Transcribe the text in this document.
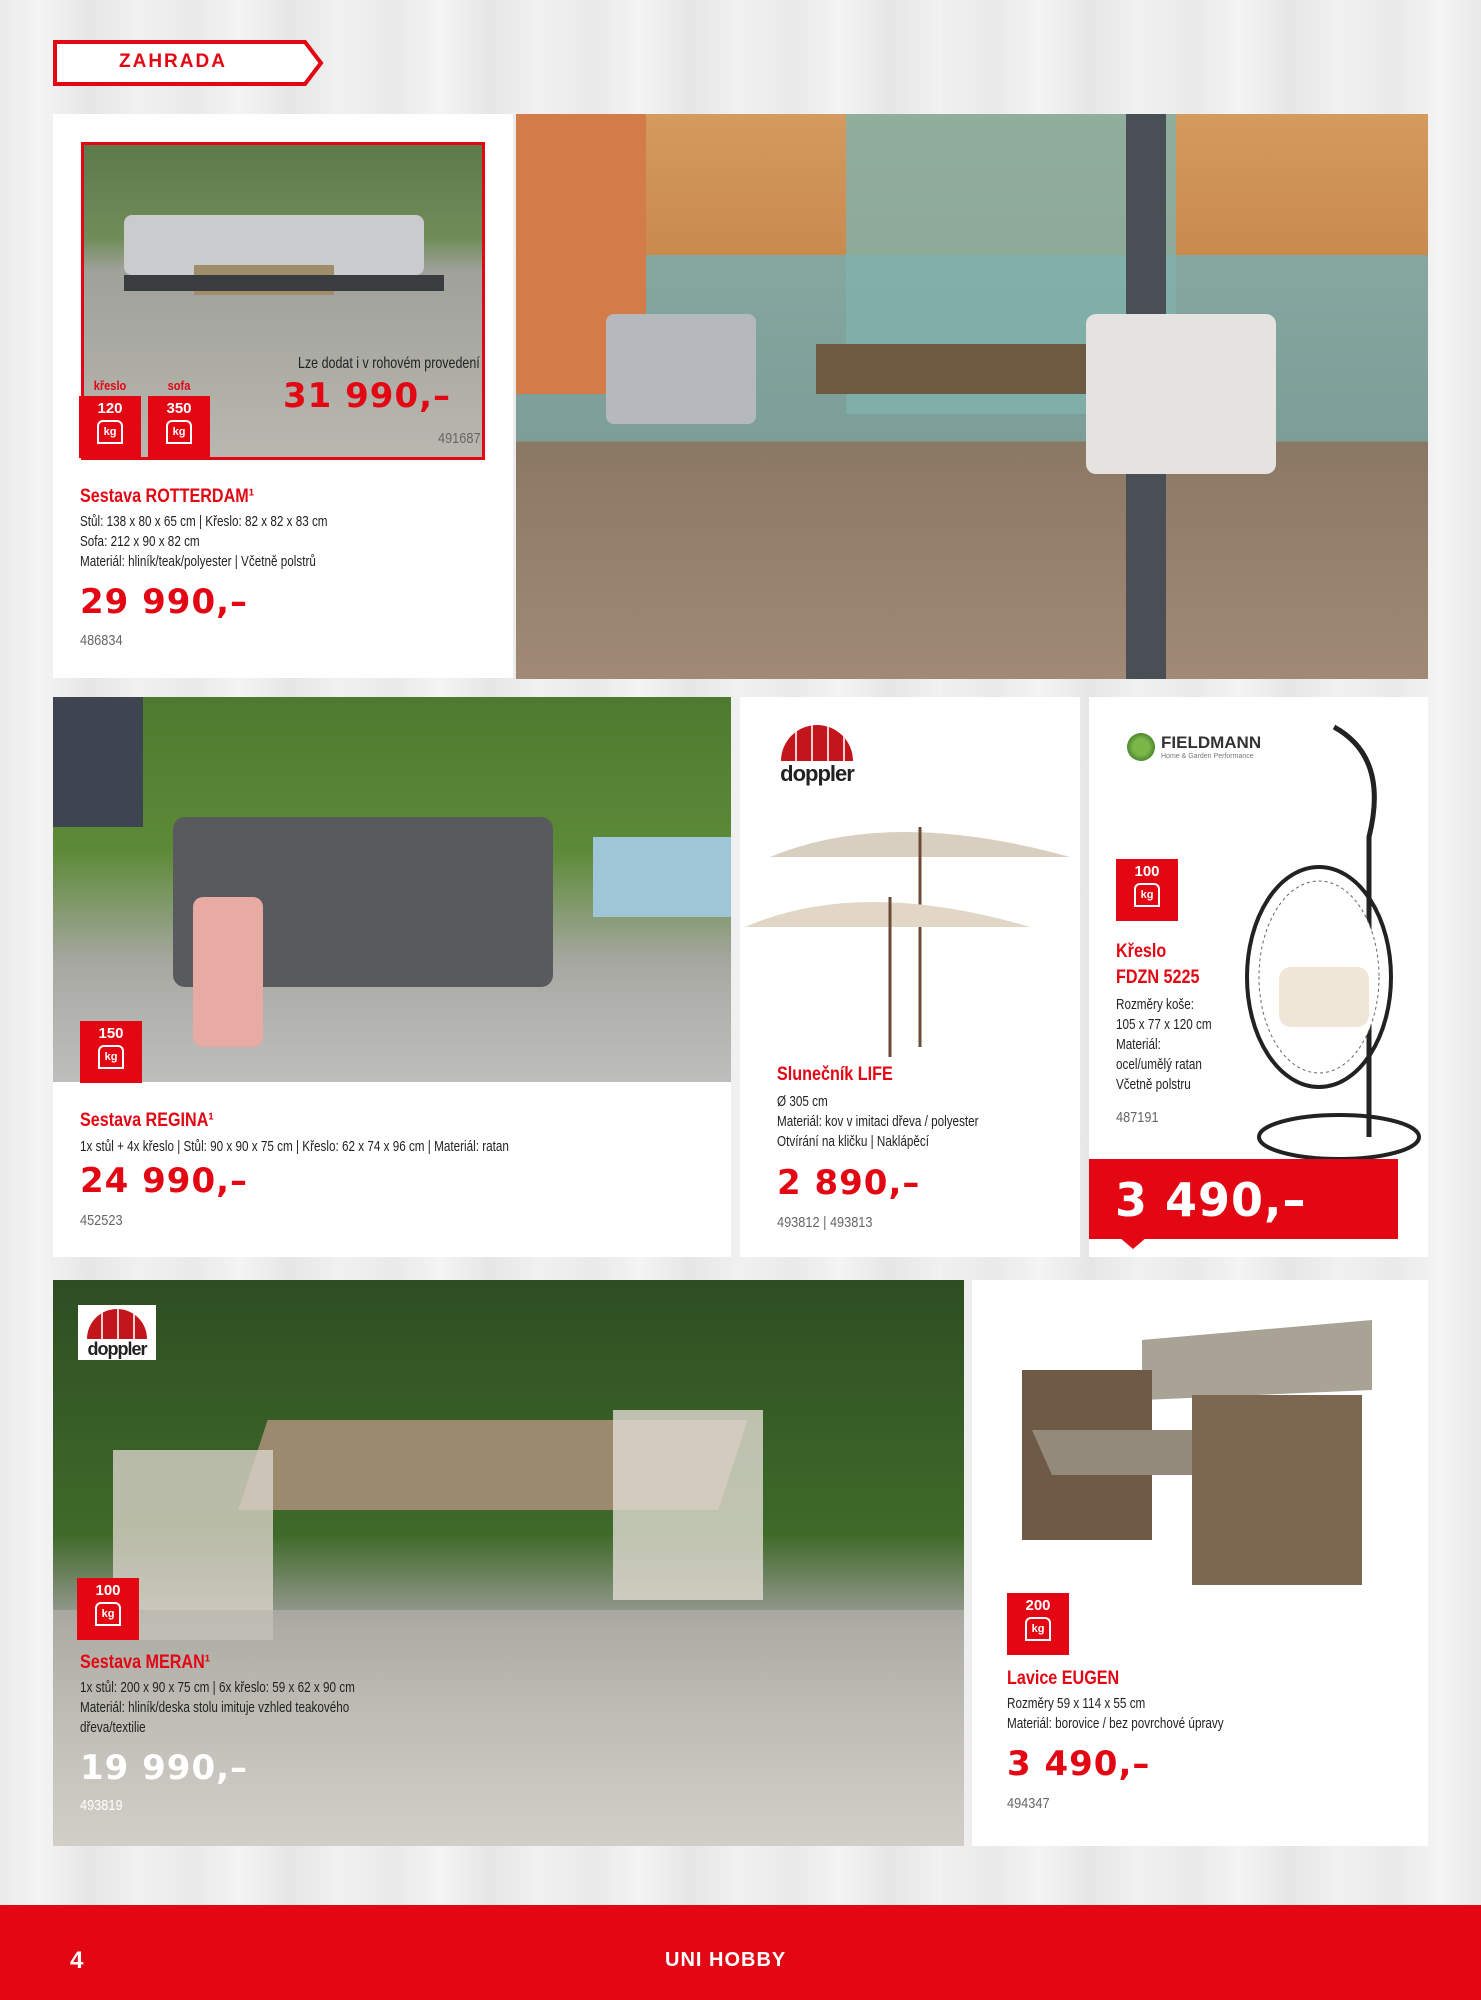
ZAHRADA
Lze dodat i v rohovém provedení
31 990,–
491687
křeslo	sofa
120
kg
350
kg
Sestava ROTTERDAM¹
Stůl: 138 x 80 x 65 cm | Křeslo: 82 x 82 x 83 cm
Sofa: 212 x 90 x 82 cm
Materiál: hliník/teak/polyester | Včetně polstrů
29 990,–
486834
150
kg
Sestava REGINA¹
1x stůl + 4x křeslo | Stůl: 90 x 90 x 75 cm | Křeslo: 62 x 74 x 96 cm | Materiál: ratan
24 990,–
452523
doppler
Slunečník LIFE
Ø 305 cm
Materiál: kov v imitaci dřeva / polyester
Otvírání na kličku | Naklápěcí
2 890,–
493812 | 493813
FIELDMANN
Home & Garden Performance
100
kg
Křeslo
FDZN 5225
Rozměry koše:
105 x 77 x 120 cm
Materiál:
ocel/umělý ratan
Včetně polstru
487191
3 490,–
doppler
100
kg
Sestava MERAN¹
1x stůl: 200 x 90 x 75 cm | 6x křeslo: 59 x 62 x 90 cm
Materiál: hliník/deska stolu imituje vzhled teakového
dřeva/textilie
19 990,–
493819
200
kg
Lavice EUGEN
Rozměry 59 x 114 x 55 cm
Materiál: borovice / bez povrchové úpravy
3 490,–
494347
4	UNI HOBBY
